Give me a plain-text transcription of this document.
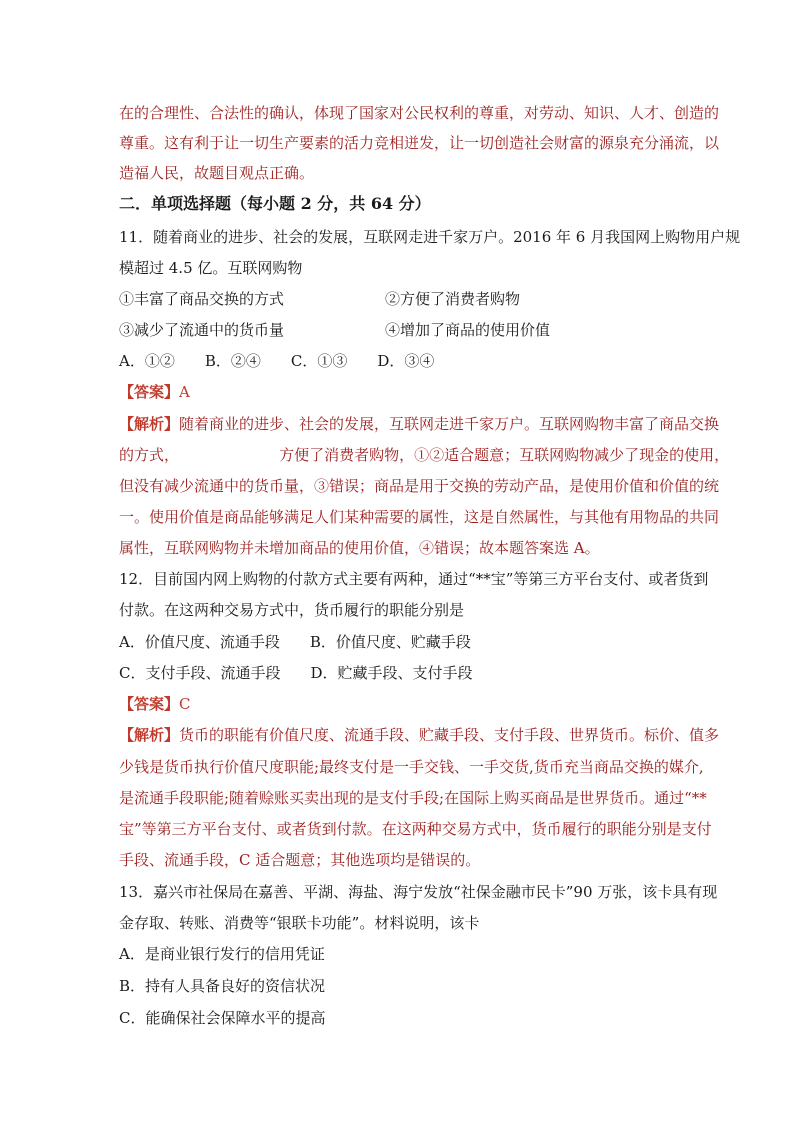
在的合理性、合法性的确认，体现了国家对公民权利的尊重，对劳动、知识、人才、创造的
尊重。这有利于让一切生产要素的活力竞相迸发，让一切创造社会财富的源泉充分涌流，以
造福人民，故题目观点正确。
二．单项选择题（每小题 2 分，共 64 分）
11．随着商业的进步、社会的发展，互联网走进千家万户。2016 年 6 月我国网上购物用户规
模超过 4.5 亿。互联网购物
①丰富了商品交换的方式	②方便了消费者购物
③减少了流通中的货币量	④增加了商品的使用价值
A．①②　　B．②④　　C．①③　　D．③④
【答案】A
【解析】随着商业的进步、社会的发展，互联网走进千家万户。互联网购物丰富了商品交换
的方式，                     方便了消费者购物，①②适合题意；互联网购物减少了现金的使用，
但没有减少流通中的货币量，③错误；商品是用于交换的劳动产品，是使用价值和价值的统
一。使用价值是商品能够满足人们某种需要的属性，这是自然属性，与其他有用物品的共同
属性，互联网购物并未增加商品的使用价值，④错误；故本题答案选 A。
12．目前国内网上购物的付款方式主要有两种，通过“**宝”等第三方平台支付、或者货到
付款。在这两种交易方式中，货币履行的职能分别是
A．价值尺度、流通手段　　B．价值尺度、贮藏手段
C．支付手段、流通手段　　D．贮藏手段、支付手段
【答案】C
【解析】货币的职能有价值尺度、流通手段、贮藏手段、支付手段、世界货币。标价、值多
少钱是货币执行价值尺度职能;最终支付是一手交钱、一手交货,货币充当商品交换的媒介,
是流通手段职能;随着赊账买卖出现的是支付手段;在国际上购买商品是世界货币。通过“**
宝”等第三方平台支付、或者货到付款。在这两种交易方式中，货币履行的职能分别是支付
手段、流通手段，C 适合题意；其他选项均是错误的。
13．嘉兴市社保局在嘉善、平湖、海盐、海宁发放“社保金融市民卡”90 万张，该卡具有现
金存取、转账、消费等“银联卡功能”。材料说明，该卡
A．是商业银行发行的信用凭证
B．持有人具备良好的资信状况
C．能确保社会保障水平的提高
